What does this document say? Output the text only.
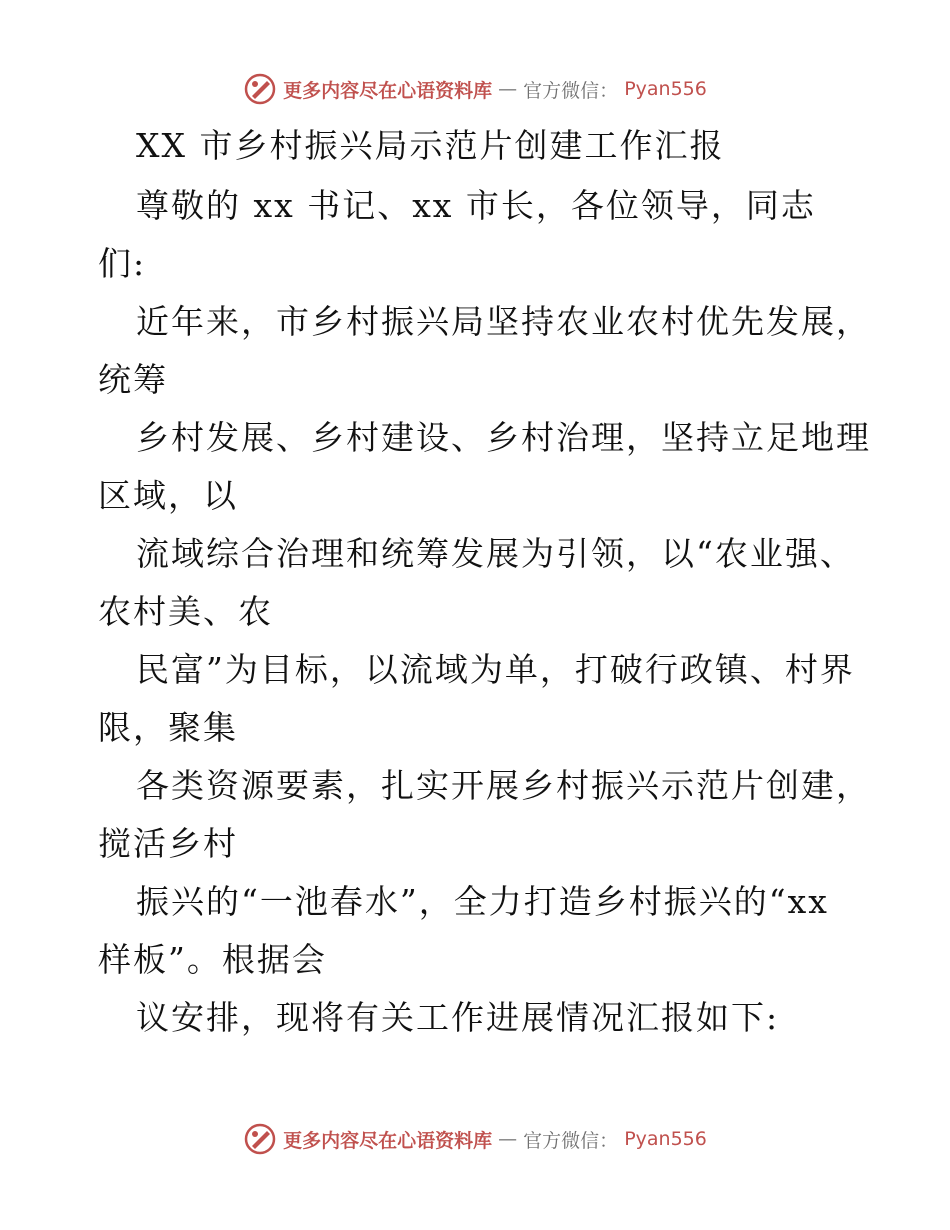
更多内容尽在心语资料库 — 官方微信： Pyan556
XX 市乡村振兴局示范片创建工作汇报
尊敬的 xx 书记、xx 市长，各位领导，同志
们:
近年来，市乡村振兴局坚持农业农村优先发展，
统筹
乡村发展、乡村建设、乡村治理，坚持立足地理
区域，以
流域综合治理和统筹发展为引领，以“农业强、
农村美、农
民富”为目标，以流域为单，打破行政镇、村界
限，聚集
各类资源要素，扎实开展乡村振兴示范片创建，
搅活乡村
振兴的“一池春水”，全力打造乡村振兴的“xx
样板”。根据会
议安排，现将有关工作进展情况汇报如下:
更多内容尽在心语资料库 — 官方微信： Pyan556
